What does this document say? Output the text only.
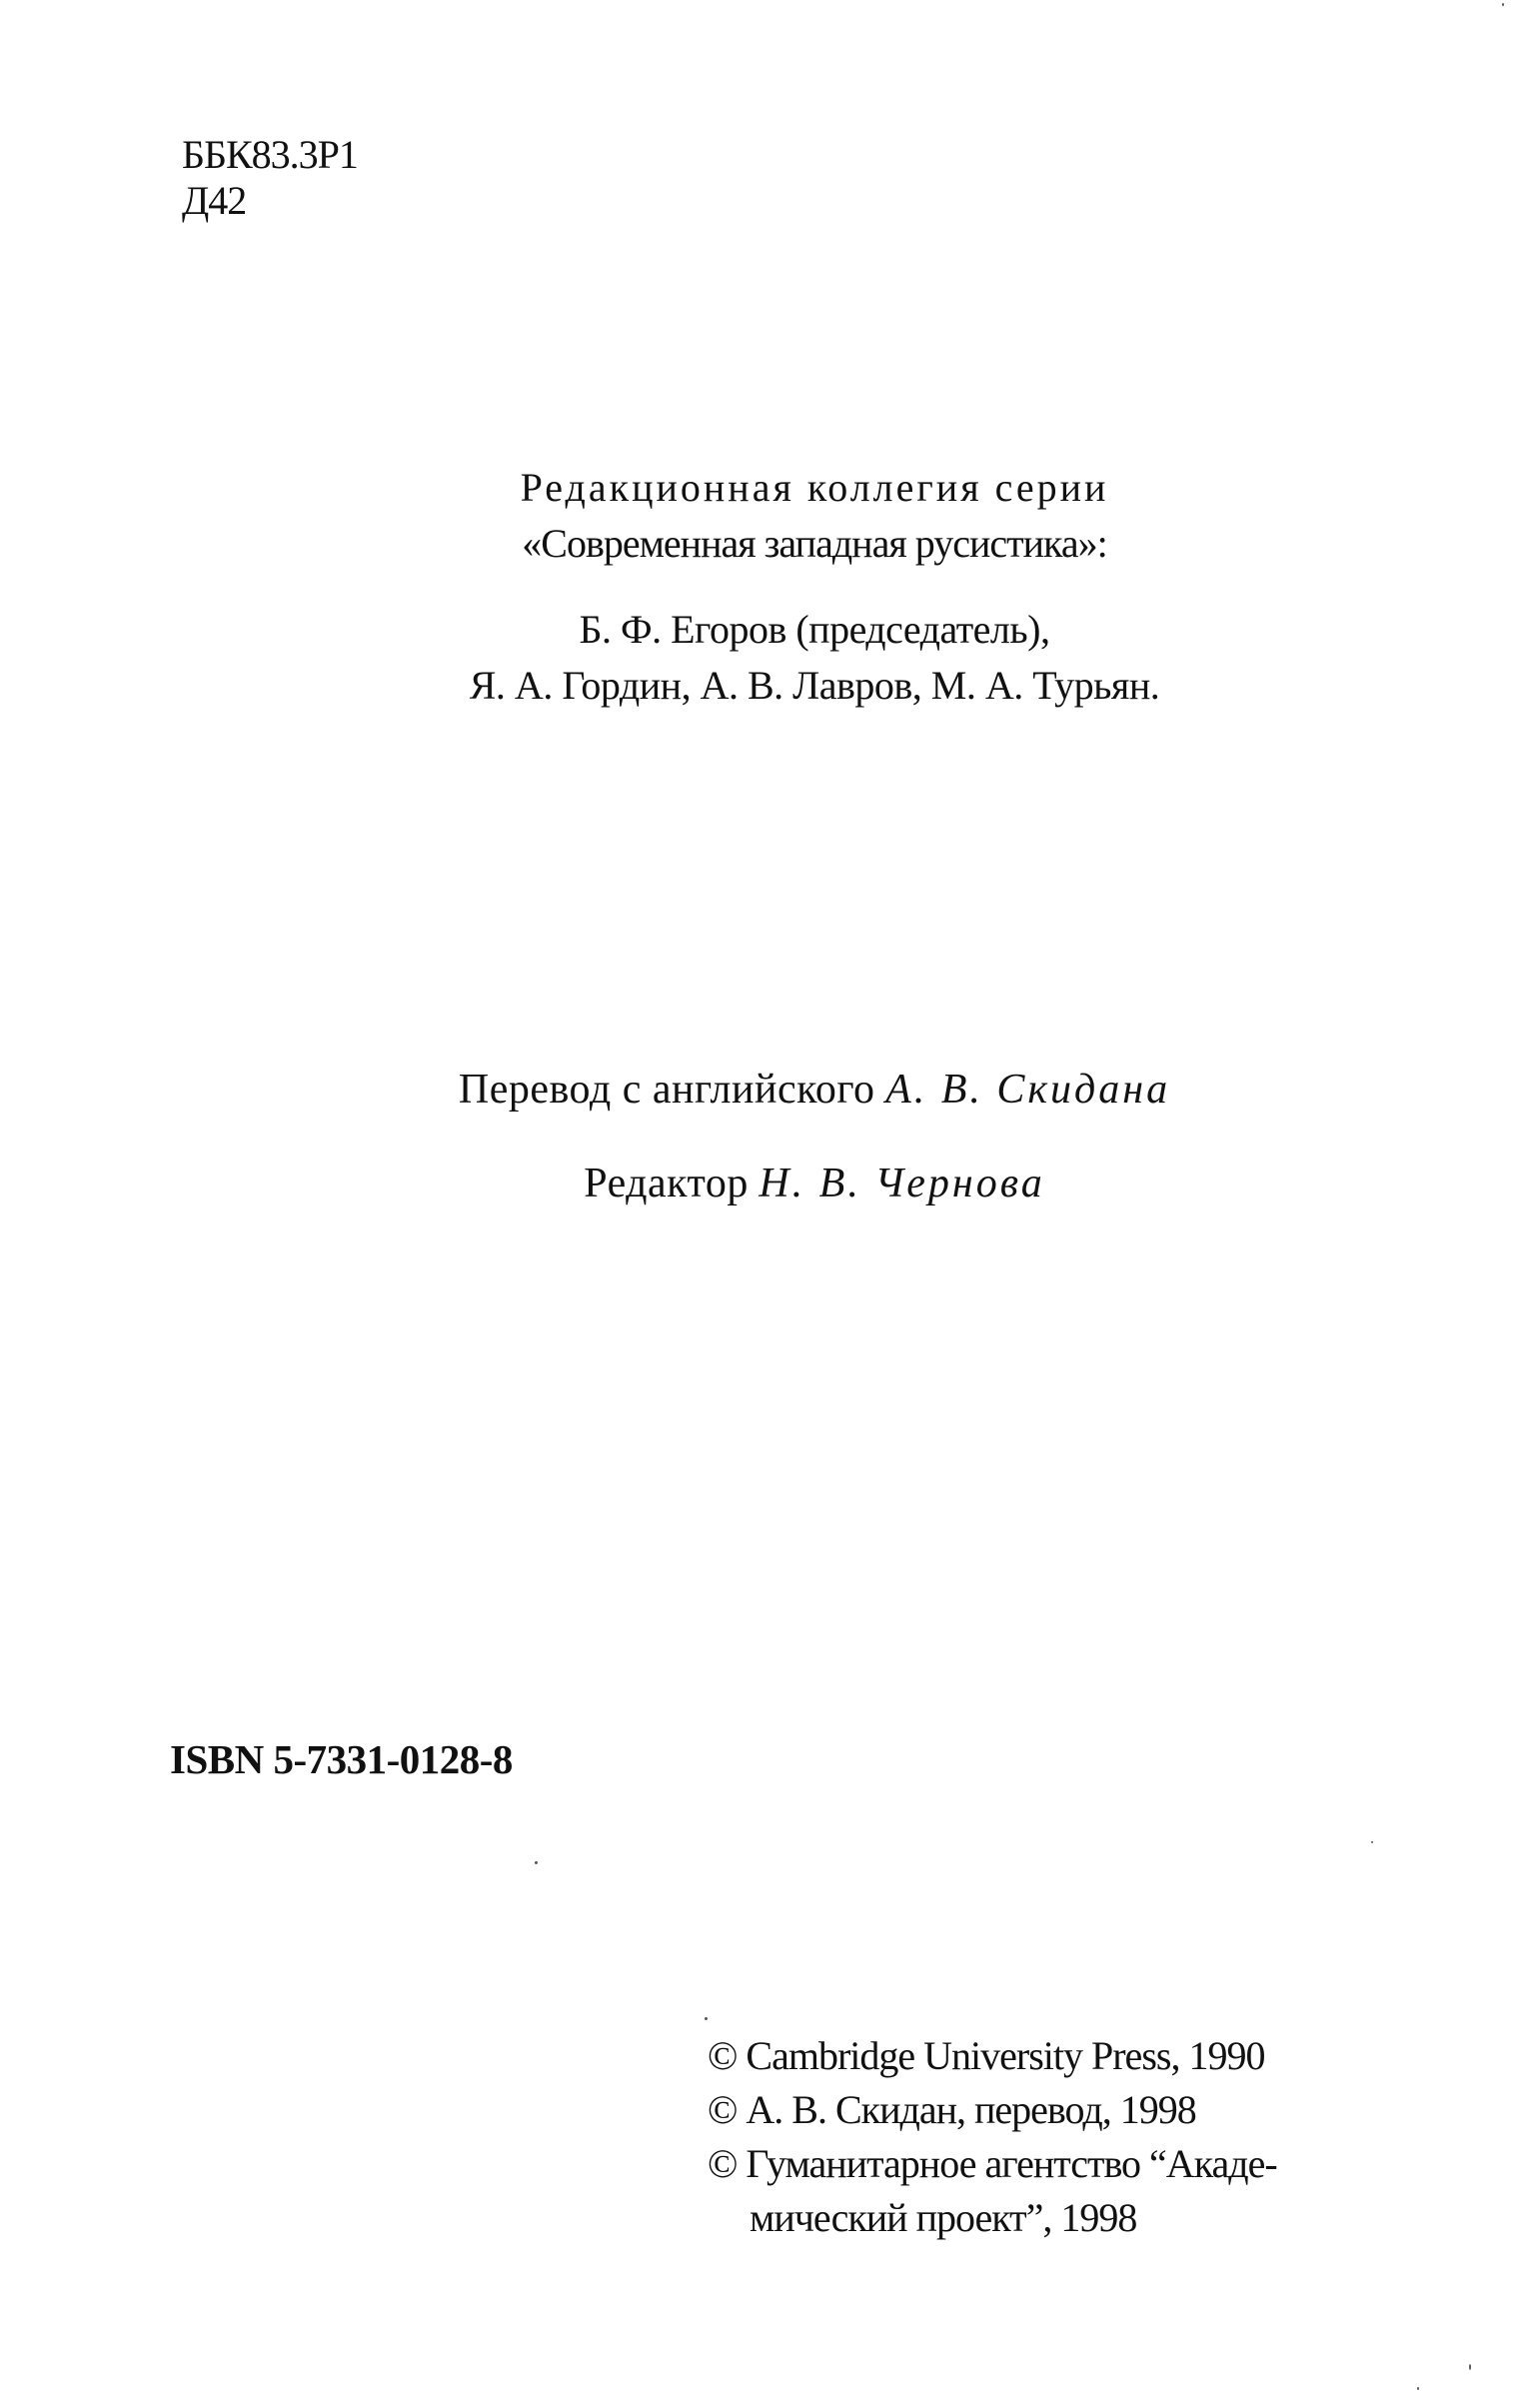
ББК83.3Р1
Д42
Редакционная коллегия серии
«Современная западная русистика»:
Б. Ф. Егоров (председатель),
Я. А. Гордин, А. В. Лавров, М. А. Турьян.
Перевод с английского А. В. Скидана
Редактор Н. В. Чернова
ISBN 5-7331-0128-8
© Cambridge University Press, 1990
© А. В. Скидан, перевод, 1998
© Гуманитарное агентство “Акаде-
мический проект”, 1998
